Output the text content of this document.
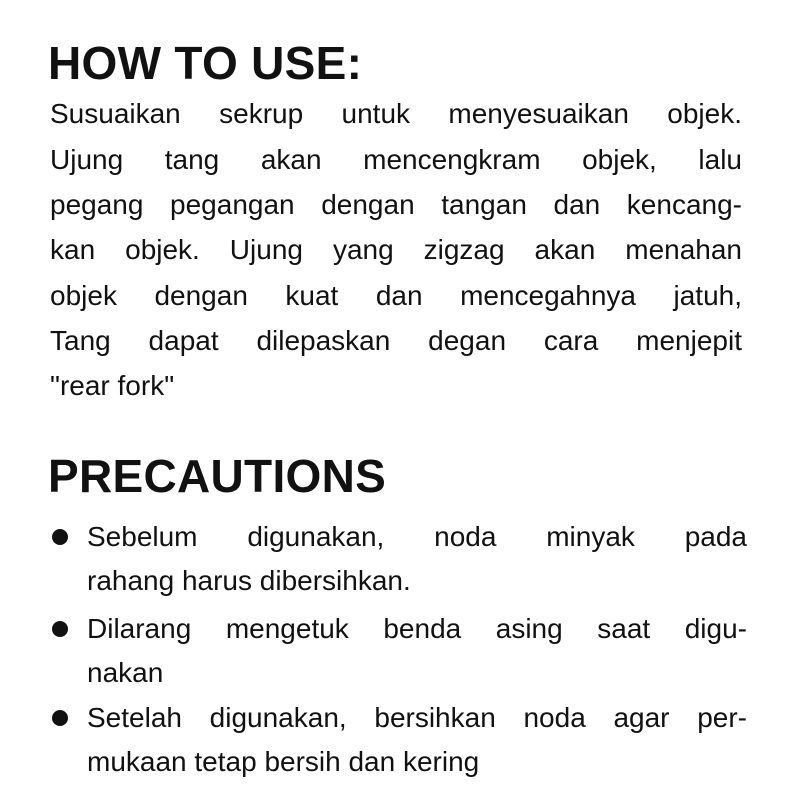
HOW TO USE:

Susuaikan sekrup untuk menyesuaikan objek.

Ujung tang akan mencengkram objek, lalu

pegang pegangan dengan tangan dan kencang-

kan objek. Ujung yang zigzag akan menahan

objek dengan kuat dan mencegahnya jatuh,

Tang dapat dilepaskan degan cara menjepit

"rear fork"

PRECAUTIONS

Sebelum digunakan, noda minyak pada

rahang harus dibersihkan.

Dilarang mengetuk benda asing saat digu-

nakan

Setelah digunakan, bersihkan noda agar per-

mukaan tetap bersih dan kering
